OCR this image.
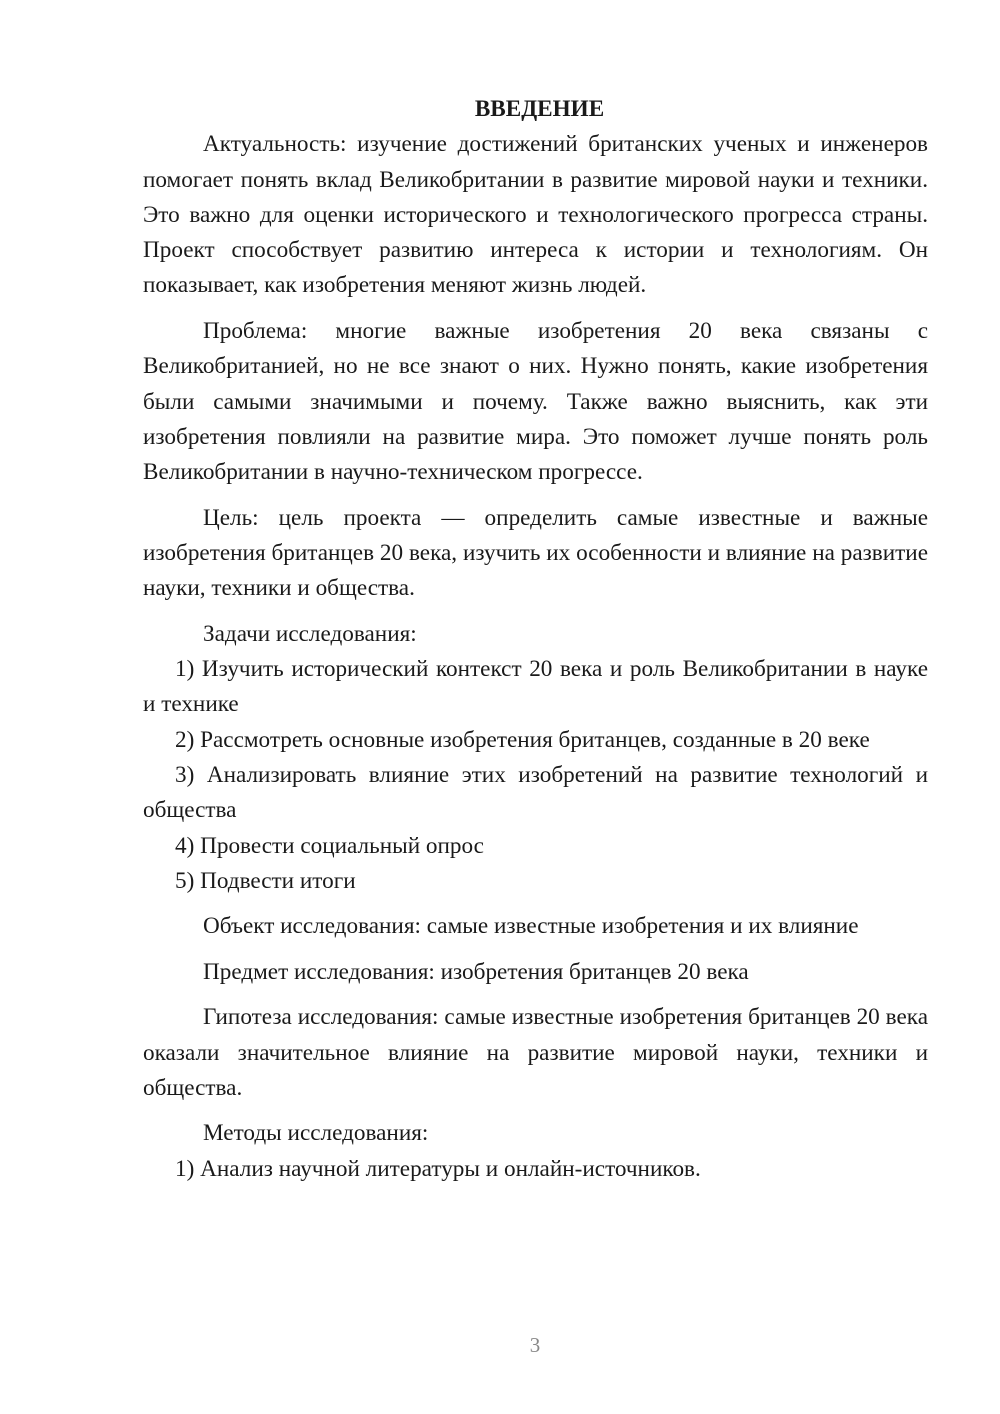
ВВЕДЕНИЕ

Актуальность: изучение достижений британских ученых и инженеров помогает понять вклад Великобритании в развитие мировой науки и техники. Это важно для оценки исторического и технологического прогресса страны. Проект способствует развитию интереса к истории и технологиям. Он показывает, как изобретения меняют жизнь людей.

Проблема: многие важные изобретения 20 века связаны с Великобританией, но не все знают о них. Нужно понять, какие изобретения были самыми значимыми и почему. Также важно выяснить, как эти изобретения повлияли на развитие мира. Это поможет лучше понять роль Великобритании в научно-техническом прогрессе.

Цель: цель проекта — определить самые известные и важные изобретения британцев 20 века, изучить их особенности и влияние на развитие науки, техники и общества.

Задачи исследования:

1) Изучить исторический контекст 20 века и роль Великобритании в науке и технике

2) Рассмотреть основные изобретения британцев, созданные в 20 веке

3) Анализировать влияние этих изобретений на развитие технологий и общества

4) Провести социальный опрос

5) Подвести итоги

Объект исследования: самые известные изобретения и их влияние

Предмет исследования: изобретения британцев 20 века

Гипотеза исследования: самые известные изобретения британцев 20 века оказали значительное влияние на развитие мировой науки, техники и общества.

Методы исследования:

1) Анализ научной литературы и онлайн-источников.

3
